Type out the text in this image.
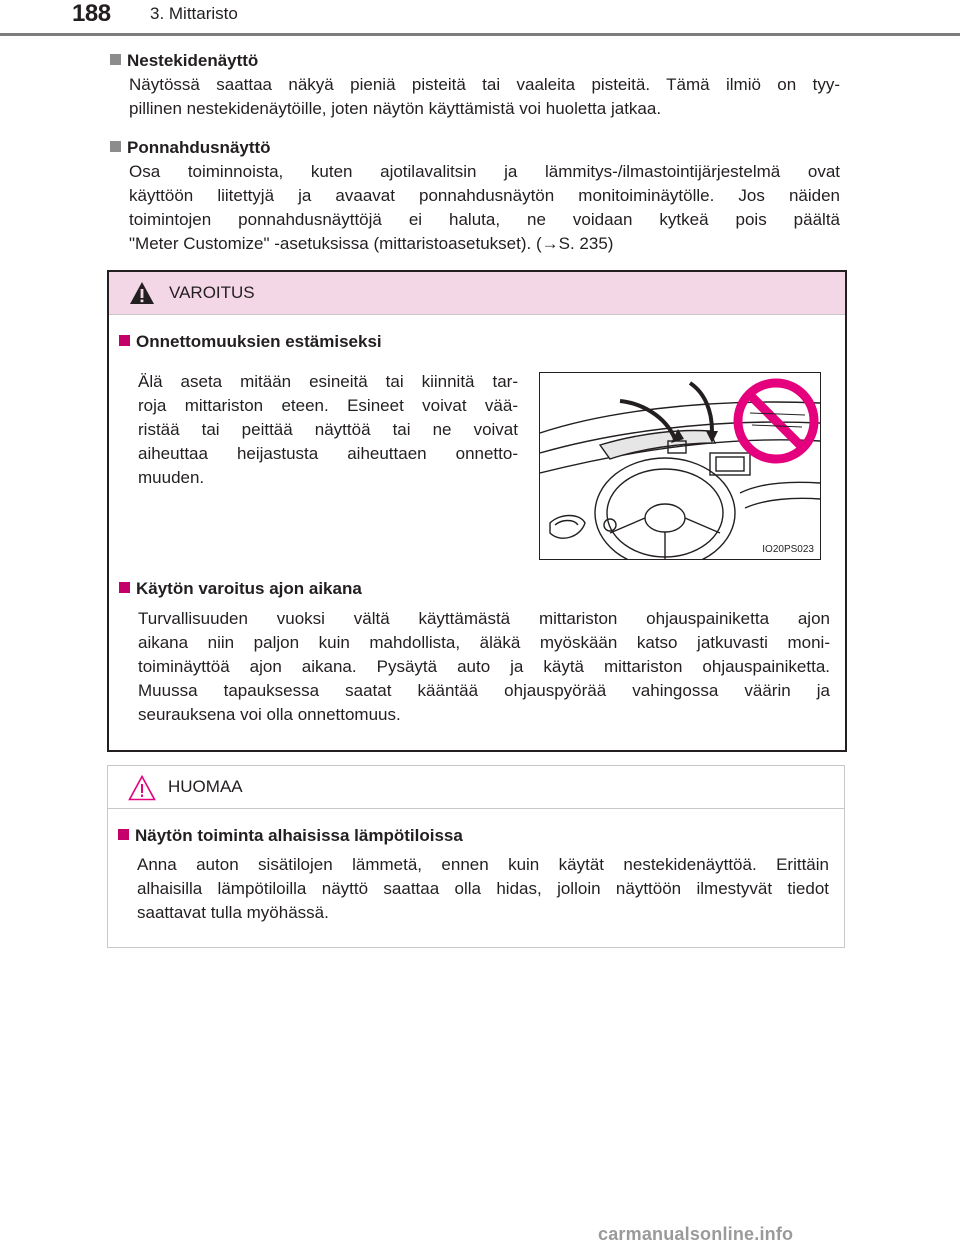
188 3. Mittaristo
Nestekidenäyttö
Näytössä saattaa näkyä pieniä pisteitä tai vaaleita pisteitä. Tämä ilmiö on tyy-
pillinen nestekidenäytöille, joten näytön käyttämistä voi huoletta jatkaa.
Ponnahdusnäyttö
Osa toiminnoista, kuten ajotilavalitsin ja lämmitys-/ilmastointijärjestelmä ovat
käyttöön liitettyjä ja avaavat ponnahdusnäytön monitoiminäytölle. Jos näiden
toimintojen ponnahdusnäyttöjä ei haluta, ne voidaan kytkeä pois päältä
"Meter Customize" -asetuksissa (mittaristoasetukset). (→S. 235)
VAROITUS
Onnettomuuksien estämiseksi
Älä aseta mitään esineitä tai kiinnitä tar-
roja mittariston eteen. Esineet voivat vää-
ristää tai peittää näyttöä tai ne voivat
aiheuttaa heijastusta aiheuttaen onnetto-
muuden.
IO20PS023
Käytön varoitus ajon aikana
Turvallisuuden vuoksi vältä käyttämästä mittariston ohjauspainiketta ajon
aikana niin paljon kuin mahdollista, äläkä myöskään katso jatkuvasti moni-
toiminäyttöä ajon aikana. Pysäytä auto ja käytä mittariston ohjauspainiketta.
Muussa tapauksessa saatat kääntää ohjauspyörää vahingossa väärin ja
seurauksena voi olla onnettomuus.
HUOMAA
Näytön toiminta alhaisissa lämpötiloissa
Anna auton sisätilojen lämmetä, ennen kuin käytät nestekidenäyttöä. Erittäin
alhaisilla lämpötiloilla näyttö saattaa olla hidas, jolloin näyttöön ilmestyvät tiedot
saattavat tulla myöhässä.
carmanualsonline.info
